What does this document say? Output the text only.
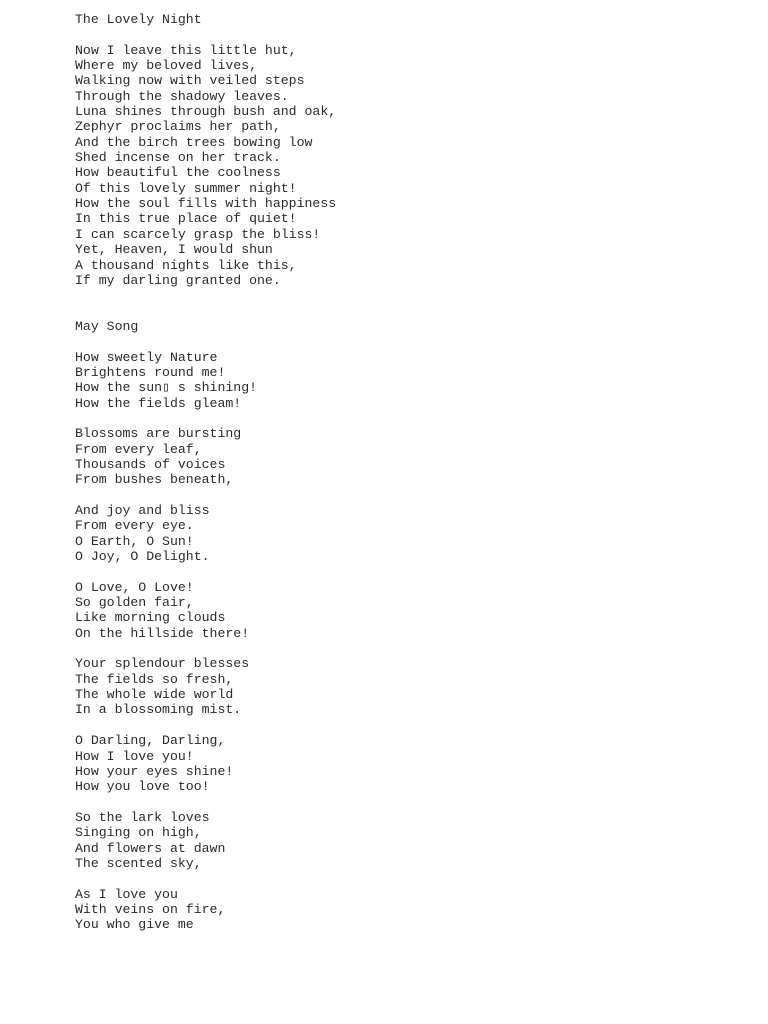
The Lovely Night
Now I leave this little hut,
Where my beloved lives,
Walking now with veiled steps
Through the shadowy leaves.
Luna shines through bush and oak,
Zephyr proclaims her path,
And the birch trees bowing low
Shed incense on her track.
How beautiful the coolness
Of this lovely summer night!
How the soul fills with happiness
In this true place of quiet!
I can scarcely grasp the bliss!
Yet, Heaven, I would shun
A thousand nights like this,
If my darling granted one.
May Song
How sweetly Nature
Brightens round me!
How the sun▯ s shining!
How the fields gleam!
Blossoms are bursting
From every leaf,
Thousands of voices
From bushes beneath,
And joy and bliss
From every eye.
O Earth, O Sun!
O Joy, O Delight.
O Love, O Love!
So golden fair,
Like morning clouds
On the hillside there!
Your splendour blesses
The fields so fresh,
The whole wide world
In a blossoming mist.
O Darling, Darling,
How I love you!
How your eyes shine!
How you love too!
So the lark loves
Singing on high,
And flowers at dawn
The scented sky,
As I love you
With veins on fire,
You who give me
